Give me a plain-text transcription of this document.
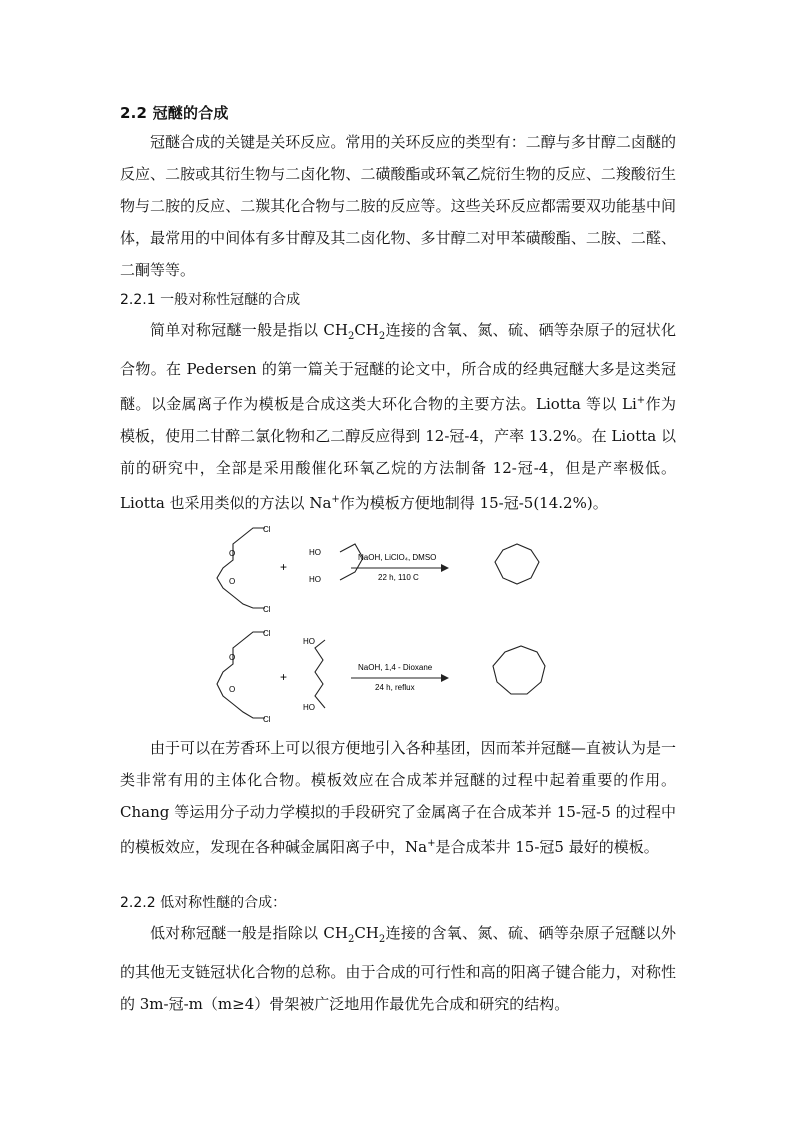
2.2 冠醚的合成
冠醚合成的关键是关环反应。常用的关环反应的类型有：二醇与多甘醇二卤醚的反应、二胺或其衍生物与二卤化物、二磺酸酯或环氧乙烷衍生物的反应、二羧酸衍生物与二胺的反应、二羰其化合物与二胺的反应等。这些关环反应都需要双功能基中间体，最常用的中间体有多甘醇及其二卤化物、多甘醇二对甲苯磺酸酯、二胺、二醛、二酮等等。
2.2.1 一般对称性冠醚的合成
简单对称冠醚一般是指以 $CH_2CH_2$连接的含氧、氮、硫、硒等杂原子的冠状化合物。在 Pedersen 的第一篇关于冠醚的论文中，所合成的经典冠醚大多是这类冠醚。以金属离子作为模板是合成这类大环化合物的主要方法。Liotta 等以 Li+作为模板，使用二甘醉二氯化物和乙二醇反应得到 12-冠-4，产率 13.2%。在 Liotta 以前的研究中，全部是采用酸催化环氧乙烷的方法制备 12-冠-4，但是产率极低。Liotta 也采用类似的方法以 Na+作为模板方便地制得 15-冠-5(14.2%)。
Cl
O
O
Cl
+
HO
HO
NaOH, LiClO₄, DMSO
22 h, 110 C
Cl
O
O
Cl
+
HO
HO
NaOH, 1,4 - Dioxane
24 h, reflux
由于可以在芳香环上可以很方便地引入各种基团，因而苯并冠醚—直被认为是一类非常有用的主体化合物。模板效应在合成苯并冠醚的过程中起着重要的作用。Chang 等运用分子动力学模拟的手段研究了金属离子在合成苯并 15-冠-5 的过程中的模板效应，发现在各种碱金属阳离子中，Na+是合成苯井 15-冠5 最好的模板。
2.2.2 低对称性醚的合成：
低对称冠醚一般是指除以 $CH_2CH_2$连接的含氧、氮、硫、硒等杂原子冠醚以外的其他无支链冠状化合物的总称。由于合成的可行性和高的阳离子键合能力，对称性的 3m-冠-m（m≥4）骨架被广泛地用作最优先合成和研究的结构。
